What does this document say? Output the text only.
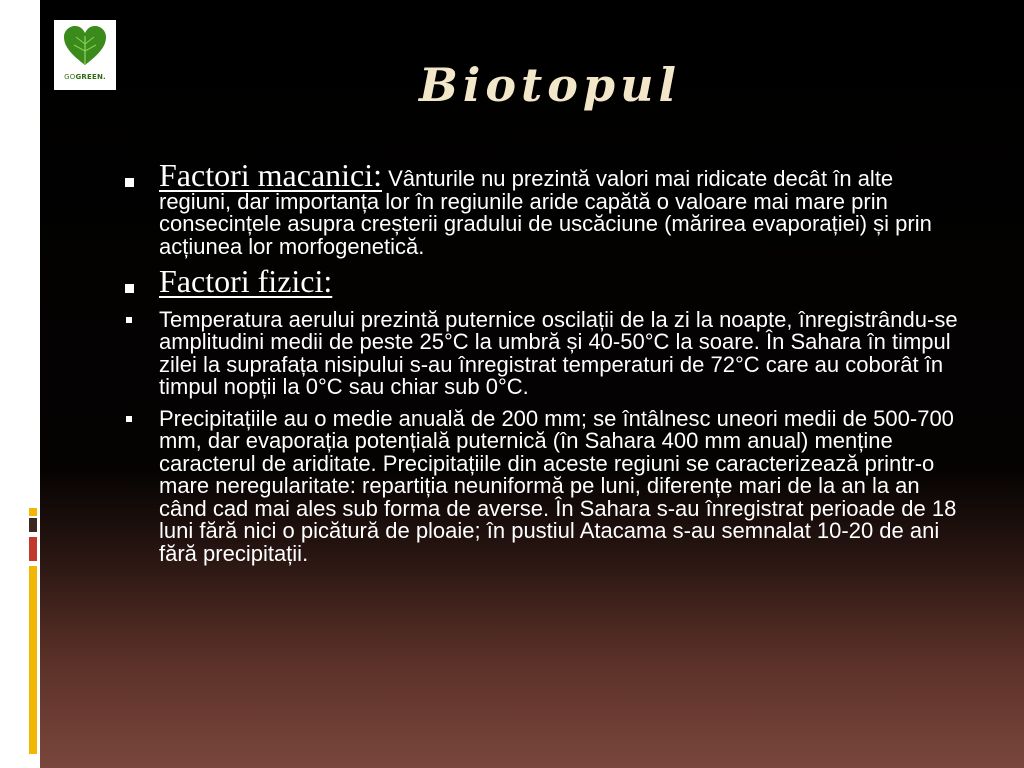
GOGREEN.	Biotopul
Factori macanici: Vânturile nu prezintă valori mai ridicate decât în alte regiuni, dar importanța lor în regiunile aride capătă o valoare mai mare prin consecințele asupra creșterii gradului de uscăciune (mărirea evaporației) și prin acțiunea lor morfogenetică.
Factori fizici:
Temperatura aerului prezintă puternice oscilații de la zi la noapte, înregistrându-se amplitudini medii de peste 25°C la umbră și 40-50°C la soare. În Sahara în timpul zilei la suprafața nisipului s-au înregistrat temperaturi de 72°C care au coborât în timpul nopții la 0°C sau chiar sub 0°C.
Precipitațiile au o medie anuală de 200 mm; se întâlnesc uneori medii de 500-700 mm, dar evaporația potențială puternică (în Sahara 400 mm anual) menține caracterul de ariditate. Precipitațiile din aceste regiuni se caracterizează printr-o mare neregularitate: repartiția neuniformă pe luni, diferențe mari de la an la an când cad mai ales sub forma de averse. În Sahara s-au înregistrat perioade de 18 luni fără nici o picătură de ploaie; în pustiul Atacama s-au semnalat 10-20 de ani fără precipitații.
